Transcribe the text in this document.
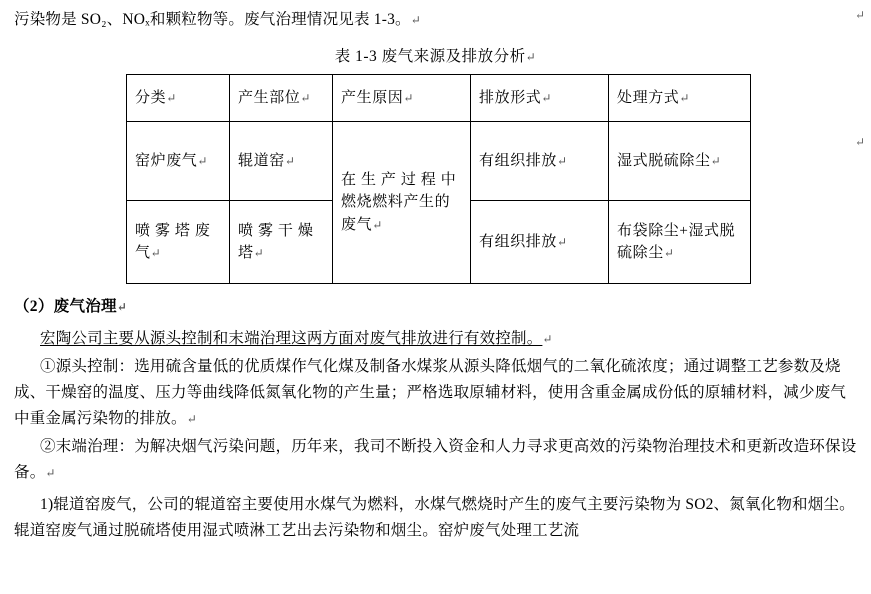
污染物是 SO₂、NOₓ和颗粒物等。废气治理情况见表 1-3。↵

表 1-3 废气来源及排放分析↵

分类↵	产生部位↵	产生原因↵	排放形式↵	处理方式↵
窑炉废气↵	辊道窑↵	在 生 产 过 程 中 燃烧燃料产生的废气↵	有组织排放↵	湿式脱硫除尘↵
喷 雾 塔 废气↵	喷 雾 干 燥塔↵		有组织排放↵	布袋除尘+湿式脱硫除尘↵

（2）废气治理↵

宏陶公司主要从源头控制和末端治理这两方面对废气排放进行有效控制。↵

①源头控制：选用硫含量低的优质煤作气化煤及制备水煤浆从源头降低烟气的二氧化硫浓度；通过调整工艺参数及烧成、干燥窑的温度、压力等曲线降低氮氧化物的产生量；严格选取原辅材料，使用含重金属成份低的原辅材料，减少废气中重金属污染物的排放。↵

②末端治理：为解决烟气污染问题，历年来，我司不断投入资金和人力寻求更高效的污染物治理技术和更新改造环保设备。↵

1)辊道窑废气，公司的辊道窑主要使用水煤气为燃料，水煤气燃烧时产生的废气主要污染物为 SO2、氮氧化物和烟尘。辊道窑废气通过脱硫塔使用湿式喷淋工艺出去污染物和烟尘。窑炉废气处理工艺流

↵
↵
